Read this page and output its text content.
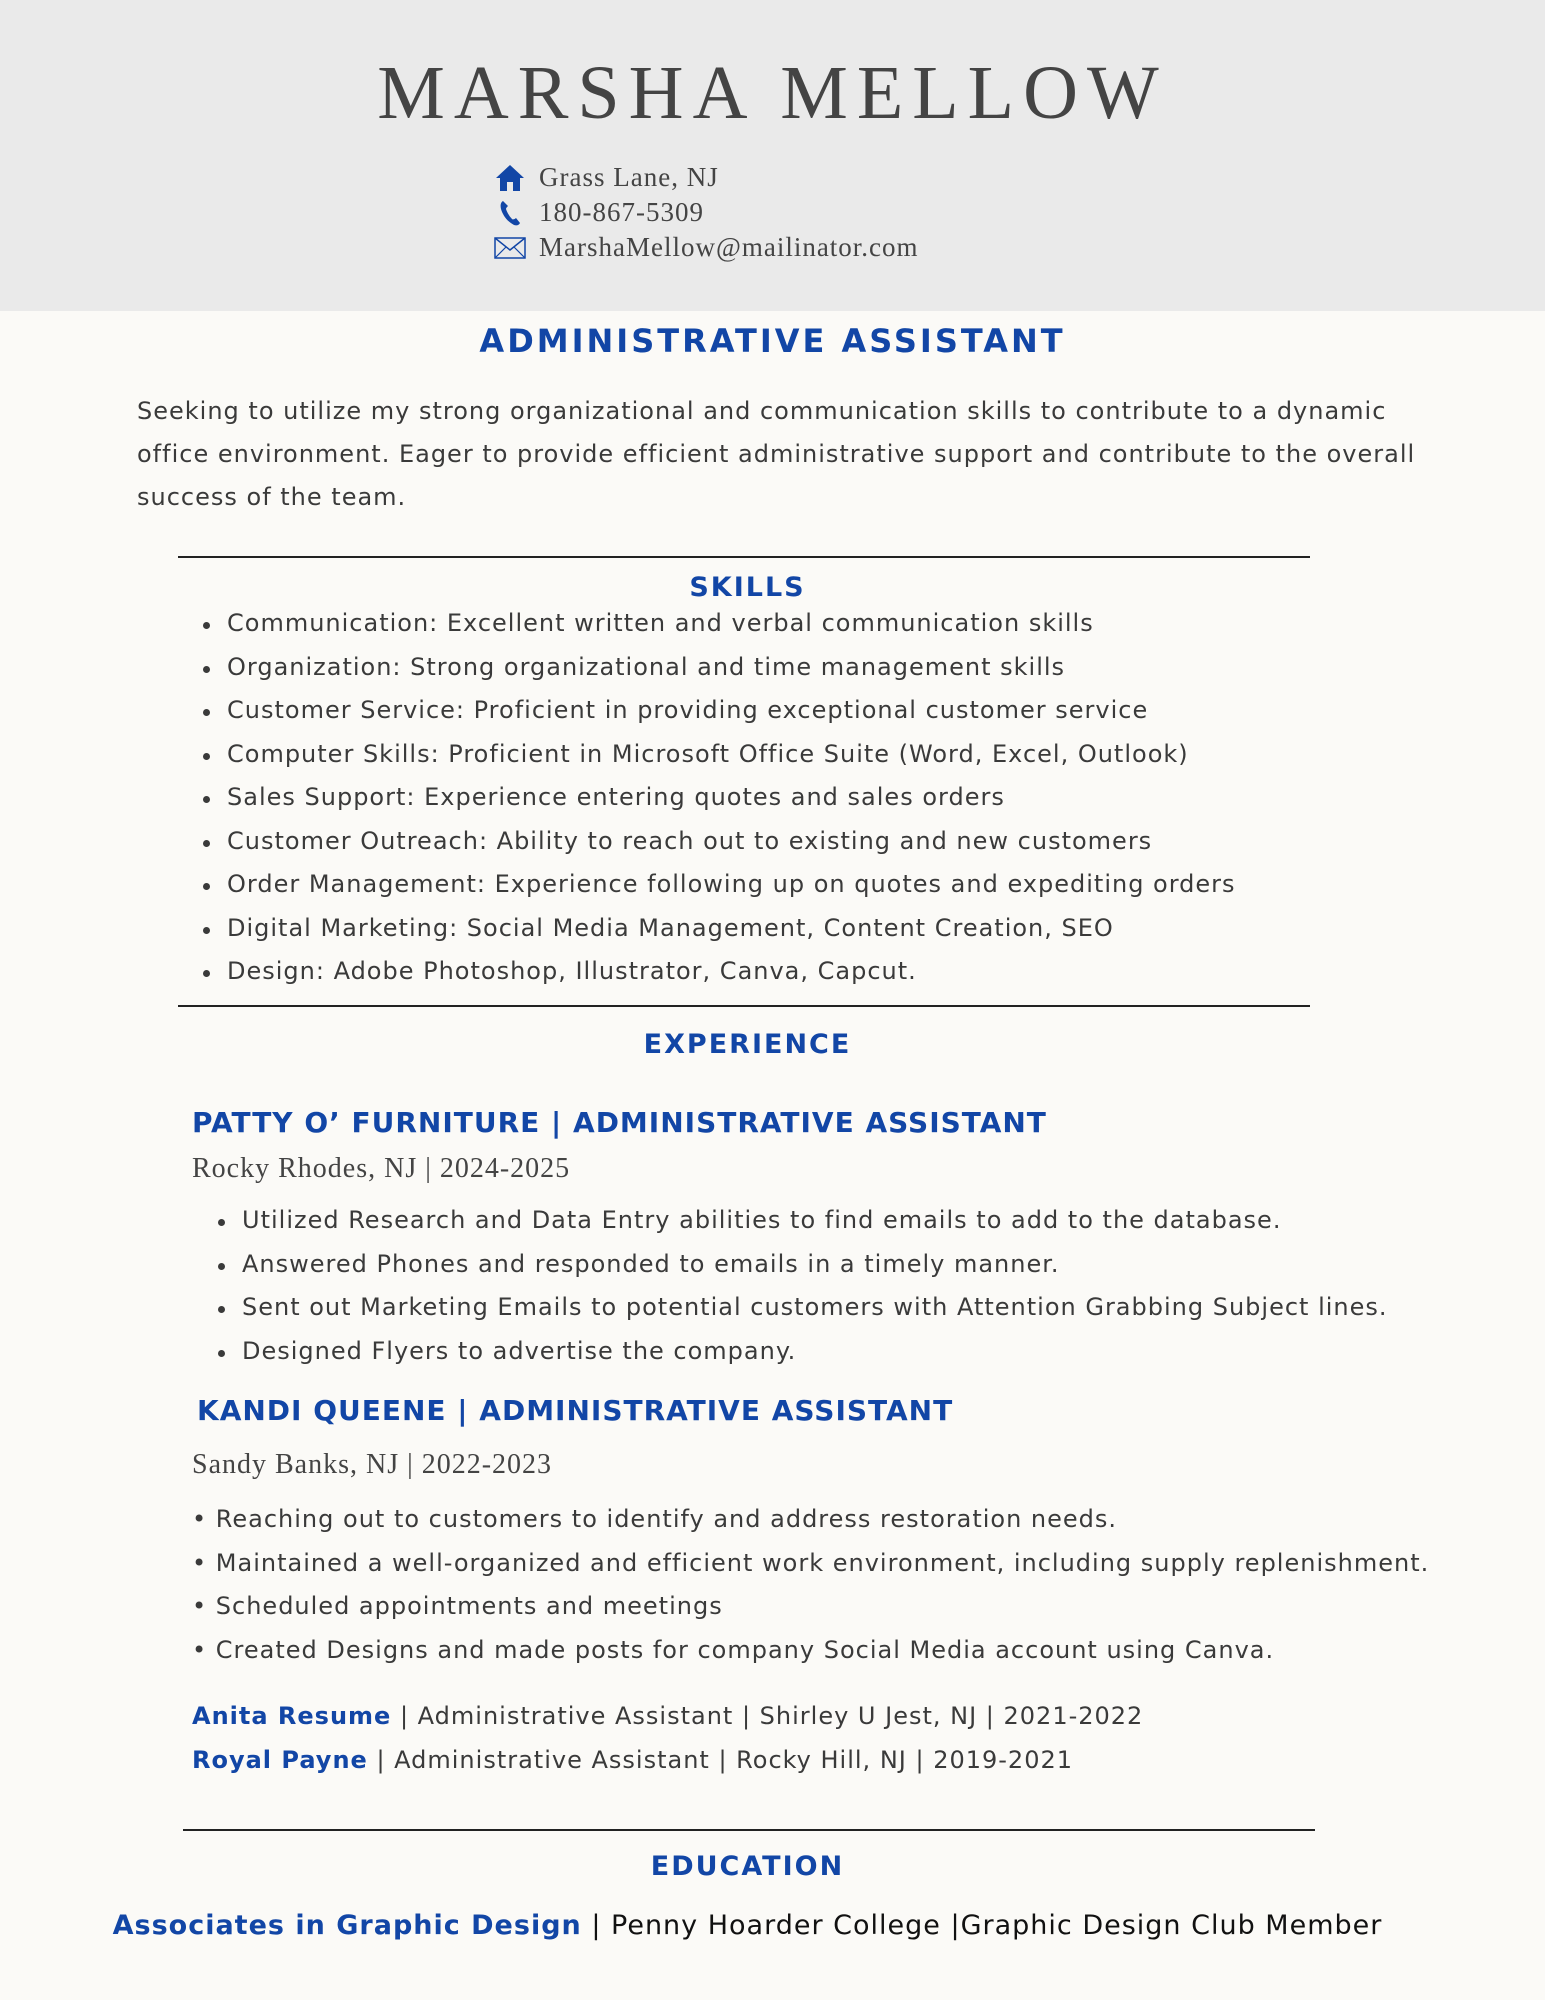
MARSHA MELLOW
Grass Lane, NJ
180-867-5309
MarshaMellow@mailinator.com
ADMINISTRATIVE ASSISTANT

Seeking to utilize my strong organizational and communication skills to contribute to a dynamic office environment. Eager to provide efficient administrative support and contribute to the overall success of the team.

SKILLS
Communication: Excellent written and verbal communication skills
Organization: Strong organizational and time management skills
Customer Service: Proficient in providing exceptional customer service
Computer Skills: Proficient in Microsoft Office Suite (Word, Excel, Outlook)
Sales Support: Experience entering quotes and sales orders
Customer Outreach: Ability to reach out to existing and new customers
Order Management: Experience following up on quotes and expediting orders
Digital Marketing: Social Media Management, Content Creation, SEO
Design: Adobe Photoshop, Illustrator, Canva, Capcut.
EXPERIENCE
PATTY O’ FURNITURE | ADMINISTRATIVE ASSISTANT
Rocky Rhodes, NJ | 2024-2025
Utilized Research and Data Entry abilities to find emails to add to the database.
Answered Phones and responded to emails in a timely manner.
Sent out Marketing Emails to potential customers with Attention Grabbing Subject lines.
Designed Flyers to advertise the company.
KANDI QUEENE | ADMINISTRATIVE ASSISTANT
Sandy Banks, NJ | 2022-2023
• Reaching out to customers to identify and address restoration needs.
• Maintained a well-organized and efficient work environment, including supply replenishment.
• Scheduled appointments and meetings
• Created Designs and made posts for company Social Media account using Canva.
Anita Resume | Administrative Assistant | Shirley U Jest, NJ | 2021-2022
Royal Payne | Administrative Assistant | Rocky Hill, NJ | 2019-2021
EDUCATION
Associates in Graphic Design | Penny Hoarder College |Graphic Design Club Member
